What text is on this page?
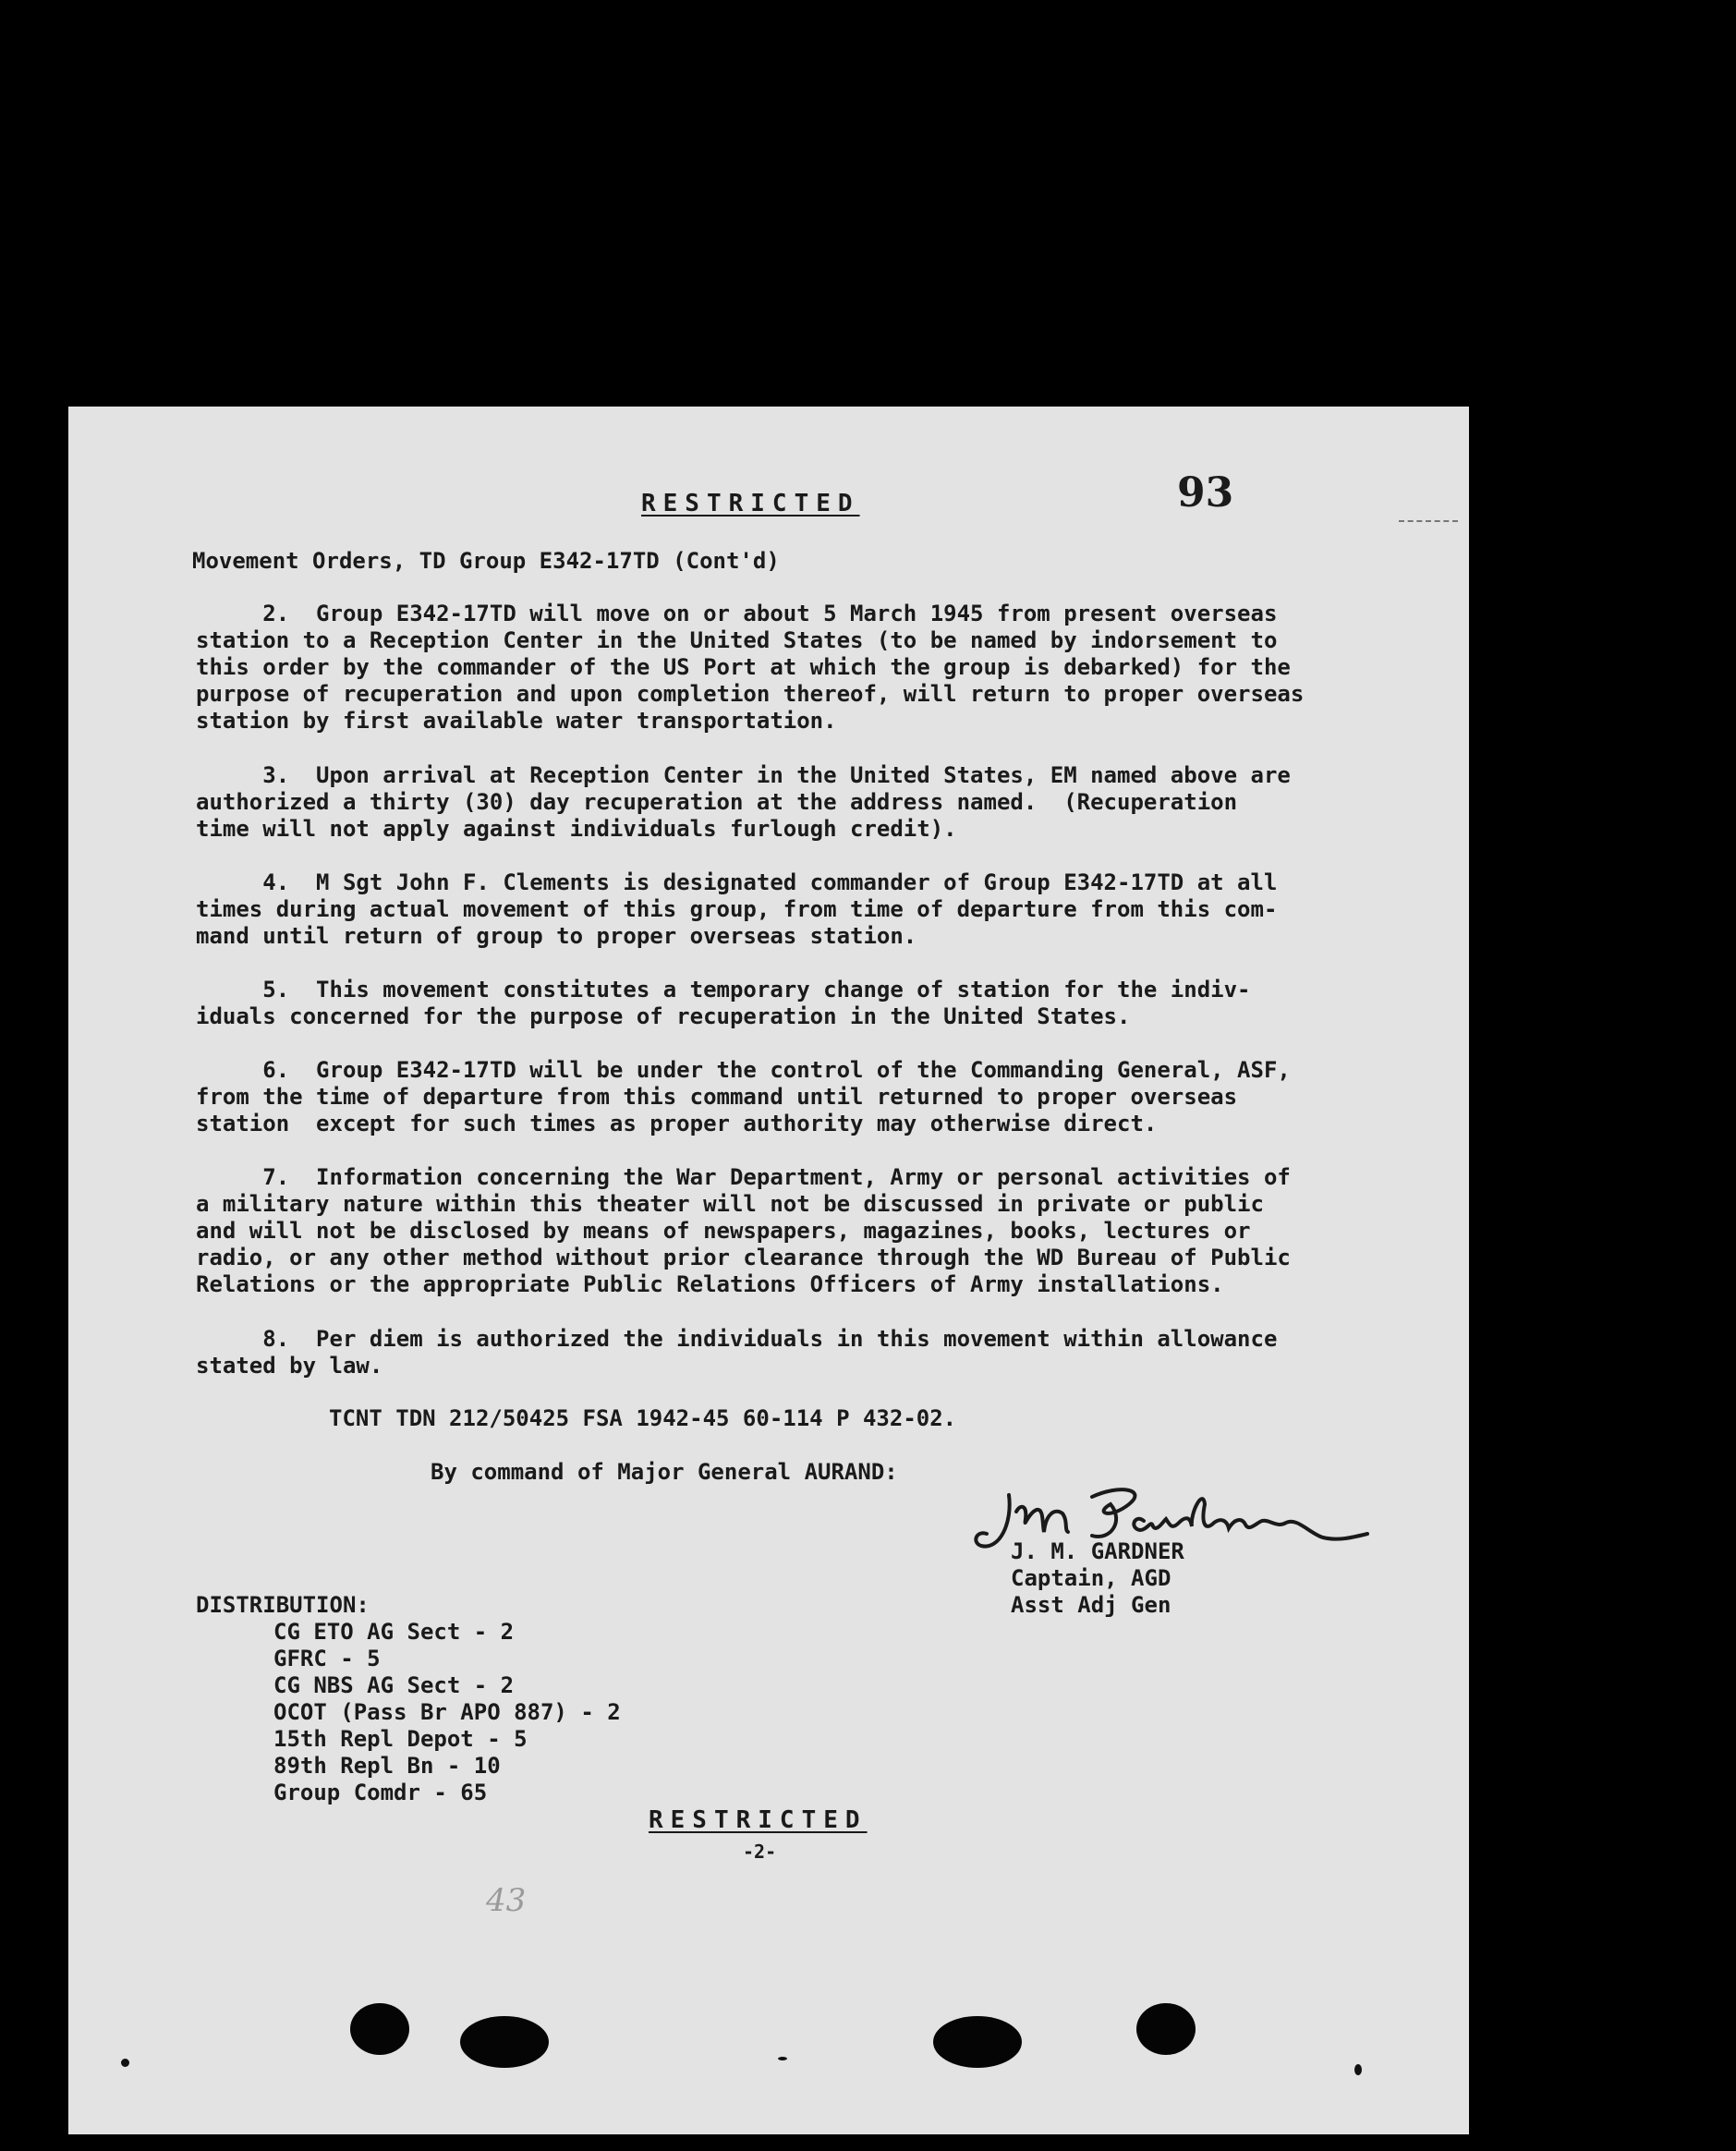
RESTRICTED	93
Movement Orders, TD Group E342-17TD (Cont'd)
2.  Group E342-17TD will move on or about 5 March 1945 from present overseas
station to a Reception Center in the United States (to be named by indorsement to
this order by the commander of the US Port at which the group is debarked) for the
purpose of recuperation and upon completion thereof, will return to proper overseas
station by first available water transportation.
3.  Upon arrival at Reception Center in the United States, EM named above are
authorized a thirty (30) day recuperation at the address named.  (Recuperation
time will not apply against individuals furlough credit).
4.  M Sgt John F. Clements is designated commander of Group E342-17TD at all
times during actual movement of this group, from time of departure from this com-
mand until return of group to proper overseas station.
5.  This movement constitutes a temporary change of station for the indiv-
iduals concerned for the purpose of recuperation in the United States.
6.  Group E342-17TD will be under the control of the Commanding General, ASF,
from the time of departure from this command until returned to proper overseas
station  except for such times as proper authority may otherwise direct.
7.  Information concerning the War Department, Army or personal activities of
a military nature within this theater will not be discussed in private or public
and will not be disclosed by means of newspapers, magazines, books, lectures or
radio, or any other method without prior clearance through the WD Bureau of Public
Relations or the appropriate Public Relations Officers of Army installations.
8.  Per diem is authorized the individuals in this movement within allowance
stated by law.
TCNT TDN 212/50425 FSA 1942-45 60-114 P 432-02.
By command of Major General AURAND:
J. M. GARDNER
Captain, AGD
Asst Adj Gen
DISTRIBUTION:
CG ETO AG Sect - 2
GFRC - 5
CG NBS AG Sect - 2
OCOT (Pass Br APO 887) - 2
15th Repl Depot - 5
89th Repl Bn - 10
Group Comdr - 65
RESTRICTED
-2-
43
